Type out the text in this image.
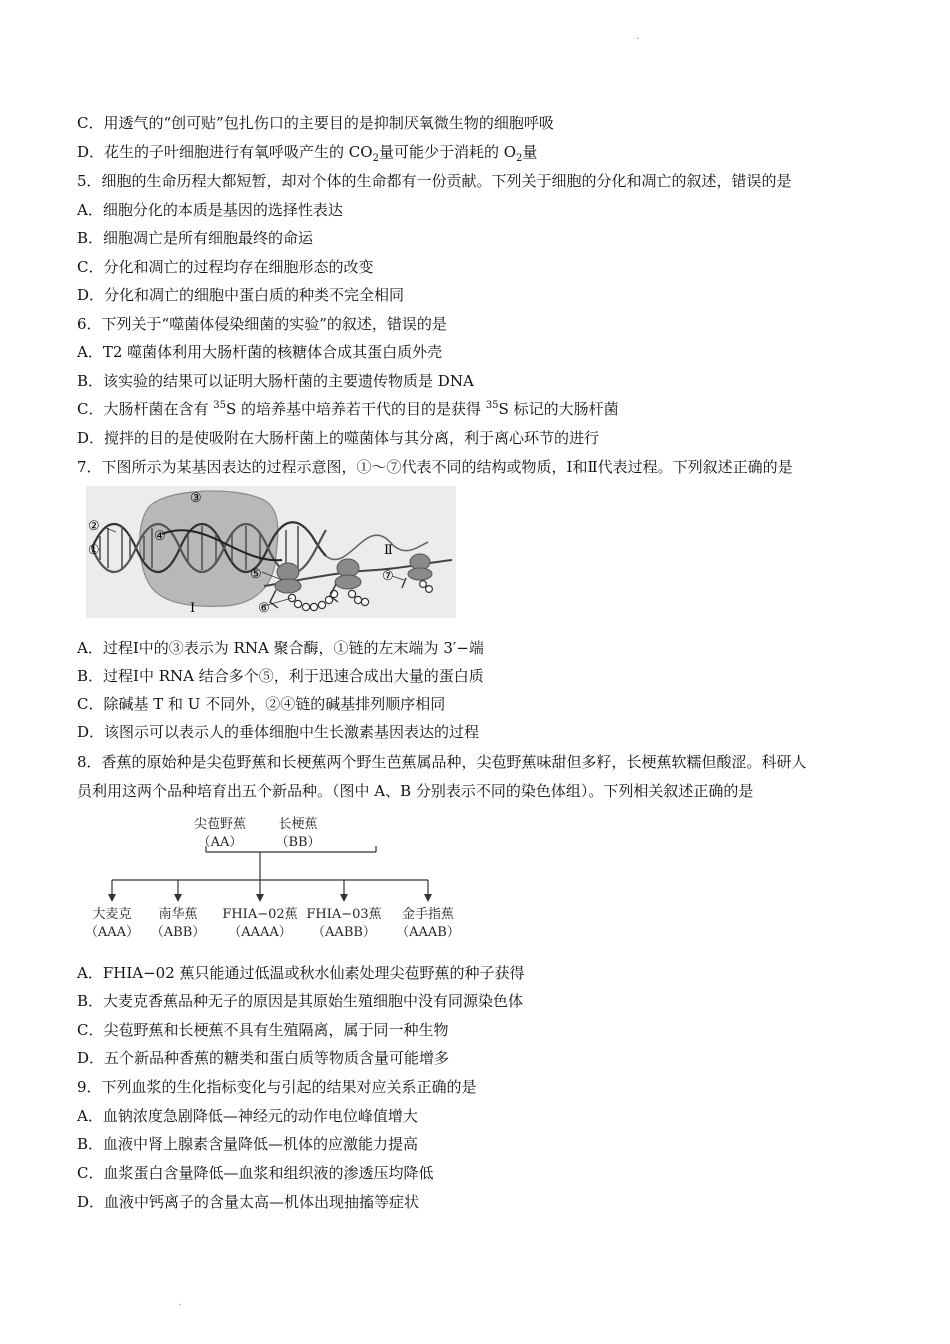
·
C．用透气的“创可贴”包扎伤口的主要目的是抑制厌氧微生物的细胞呼吸
D．花生的子叶细胞进行有氧呼吸产生的 $CO_2$量可能少于消耗的 $O_2$量
5．细胞的生命历程大都短暂，却对个体的生命都有一份贡献。下列关于细胞的分化和凋亡的叙述，错误的是
A．细胞分化的本质是基因的选择性表达
B．细胞凋亡是所有细胞最终的命运
C．分化和凋亡的过程均存在细胞形态的改变
D．分化和凋亡的细胞中蛋白质的种类不完全相同
6．下列关于“噬菌体侵染细菌的实验”的叙述，错误的是
A．T2 噬菌体利用大肠杆菌的核糖体合成其蛋白质外壳
B．该实验的结果可以证明大肠杆菌的主要遗传物质是 DNA
C．大肠杆菌在含有 $^{35}$S 的培养基中培养若干代的目的是获得 $^{35}$S 标记的大肠杆菌
D．搅拌的目的是使吸附在大肠杆菌上的噬菌体与其分离，利于离心环节的进行
7．下图所示为某基因表达的过程示意图，①～⑦代表不同的结构或物质，Ⅰ和Ⅱ代表过程。下列叙述正确的是
②
①
③
④
⑤
⑥
⑦
Ⅰ
Ⅱ
A．过程Ⅰ中的③表示为 RNA 聚合酶，①链的左末端为 3′−端
B．过程Ⅰ中 RNA 结合多个⑤，利于迅速合成出大量的蛋白质
C．除碱基 T 和 U 不同外，②④链的碱基排列顺序相同
D．该图示可以表示人的垂体细胞中生长激素基因表达的过程
8．香蕉的原始种是尖苞野蕉和长梗蕉两个野生芭蕉属品种，尖苞野蕉味甜但多籽，长梗蕉软糯但酸涩。科研人
员利用这两个品种培育出五个新品种。（图中 A、B 分别表示不同的染色体组）。下列相关叙述正确的是
尖苞野蕉
（AA）
长梗蕉
（BB）
大麦克
（AAA）
南华蕉
（ABB）
FHIA−02蕉
（AAAA）
FHIA−03蕉
（AABB）
金手指蕉
（AAAB）
A．FHIA−02 蕉只能通过低温或秋水仙素处理尖苞野蕉的种子获得
B．大麦克香蕉品种无子的原因是其原始生殖细胞中没有同源染色体
C．尖苞野蕉和长梗蕉不具有生殖隔离，属于同一种生物
D．五个新品种香蕉的糖类和蛋白质等物质含量可能增多
9．下列血浆的生化指标变化与引起的结果对应关系正确的是
A．血钠浓度急剧降低—神经元的动作电位峰值增大
B．血液中肾上腺素含量降低—机体的应激能力提高
C．血浆蛋白含量降低—血浆和组织液的渗透压均降低
D．血液中钙离子的含量太高—机体出现抽搐等症状
·
